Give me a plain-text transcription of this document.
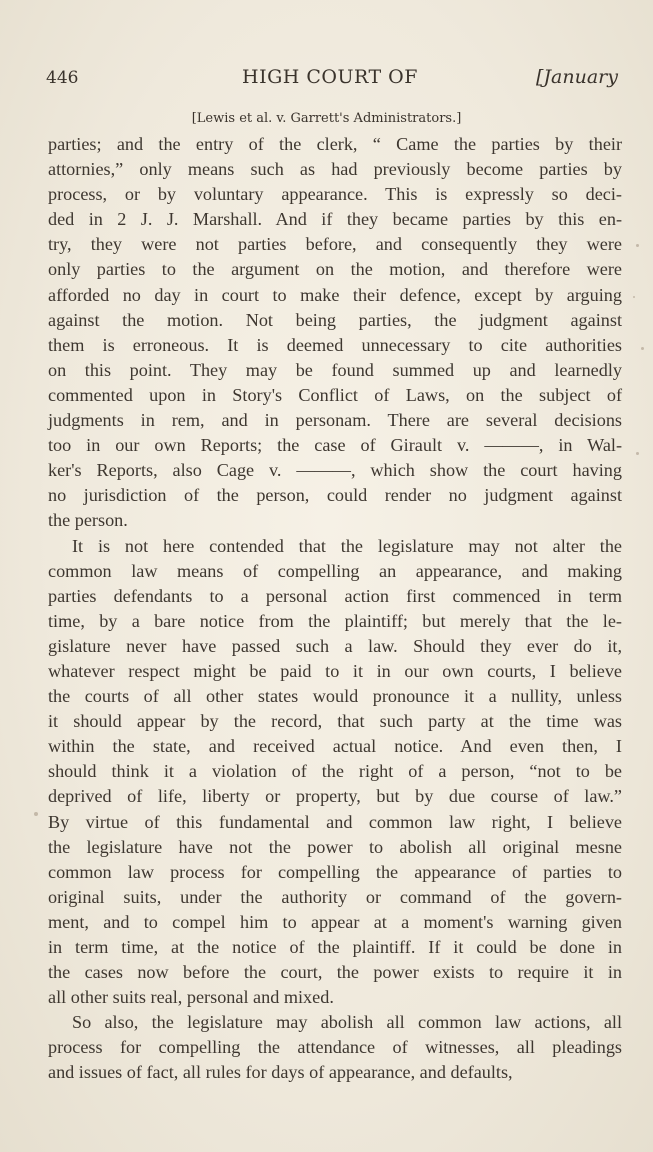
446	HIGH COURT OF	[January
[Lewis et al. v. Garrett's Administrators.]
parties; and the entry of the clerk, “ Came the parties by their
attornies,” only means such as had previously become parties by
process, or by voluntary appearance. This is expressly so deci-
ded in 2 J. J. Marshall. And if they became parties by this en-
try, they were not parties before, and consequently they were
only parties to the argument on the motion, and therefore were
afforded no day in court to make their defence, except by arguing
against the motion. Not being parties, the judgment against
them is erroneous. It is deemed unnecessary to cite authorities
on this point. They may be found summed up and learnedly
commented upon in Story's Conflict of Laws, on the subject of
judgments in rem, and in personam. There are several decisions
too in our own Reports; the case of Girault v. ———, in Wal-
ker's Reports, also Cage v. ———, which show the court having
no jurisdiction of the person, could render no judgment against
the person.
It is not here contended that the legislature may not alter the
common law means of compelling an appearance, and making
parties defendants to a personal action first commenced in term
time, by a bare notice from the plaintiff; but merely that the le-
gislature never have passed such a law. Should they ever do it,
whatever respect might be paid to it in our own courts, I believe
the courts of all other states would pronounce it a nullity, unless
it should appear by the record, that such party at the time was
within the state, and received actual notice. And even then, I
should think it a violation of the right of a person, “not to be
deprived of life, liberty or property, but by due course of law.”
By virtue of this fundamental and common law right, I believe
the legislature have not the power to abolish all original mesne
common law process for compelling the appearance of parties to
original suits, under the authority or command of the govern-
ment, and to compel him to appear at a moment's warning given
in term time, at the notice of the plaintiff. If it could be done in
the cases now before the court, the power exists to require it in
all other suits real, personal and mixed.
So also, the legislature may abolish all common law actions, all
process for compelling the attendance of witnesses, all pleadings
and issues of fact, all rules for days of appearance, and defaults,
